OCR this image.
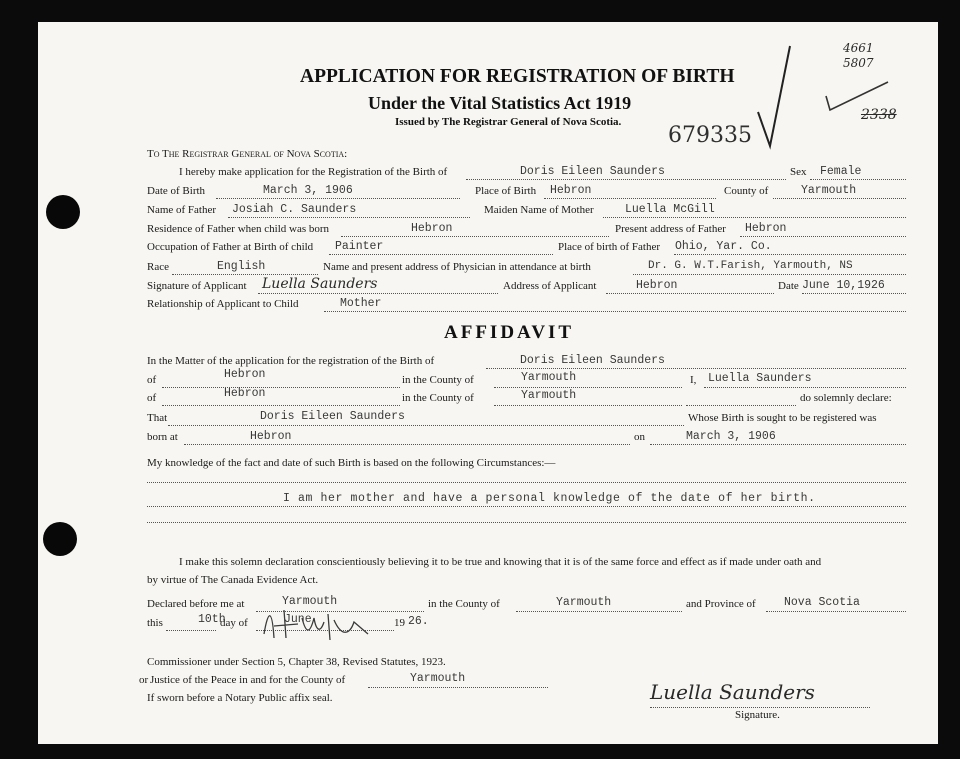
APPLICATION FOR REGISTRATION OF BIRTH
Under the Vital Statistics Act 1919
Issued by The Registrar General of Nova Scotia.
4661
5807
2338
679335
To The Registrar General of Nova Scotia:
I hereby make application for the Registration of the Birth of	Doris Eileen Saunders	Sex Female
Date of Birth	March 3, 1906	Place of Birth Hebron	County of	Yarmouth
Name of Father Josiah C. Saunders	Maiden Name of Mother	Luella McGill
Residence of Father when child was born	Hebron	Present address of Father Hebron
Occupation of Father at Birth of child Painter	Place of birth of Father Ohio, Yar. Co.
Race	English	Name and present address of Physician in attendance at birth	Dr. G. W.T.Farish, Yarmouth, NS
Signature of Applicant Luella Saunders	Address of Applicant	Hebron	Date June 10,1926
Relationship of Applicant to Child	Mother
AFFIDAVIT
In the Matter of the application for the registration of the Birth of	Doris Eileen Saunders
of	Hebron	in the County of	Yarmouth	I, Luella Saunders
of	Hebron	in the County of	Yarmouth	do solemnly declare:
That	Doris Eileen Saunders	Whose Birth is sought to be registered was
born at	Hebron	on	March 3, 1906
My knowledge of the fact and date of such Birth is based on the following Circumstances:—
I am her mother and have a personal knowledge of the date of her birth.
I make this solemn declaration conscientiously believing it to be true and knowing that it is of the same force and effect as if made under oath and
by virtue of The Canada Evidence Act.
Declared before me at	Yarmouth	in the County of	Yarmouth	and Province of Nova Scotia
this	10th
day of	June	19 26.
Commissioner under Section 5, Chapter 38, Revised Statutes, 1923.
or Justice of the Peace in and for the County of	Yarmouth
If sworn before a Notary Public affix seal.	Luella Saunders
Signature.
